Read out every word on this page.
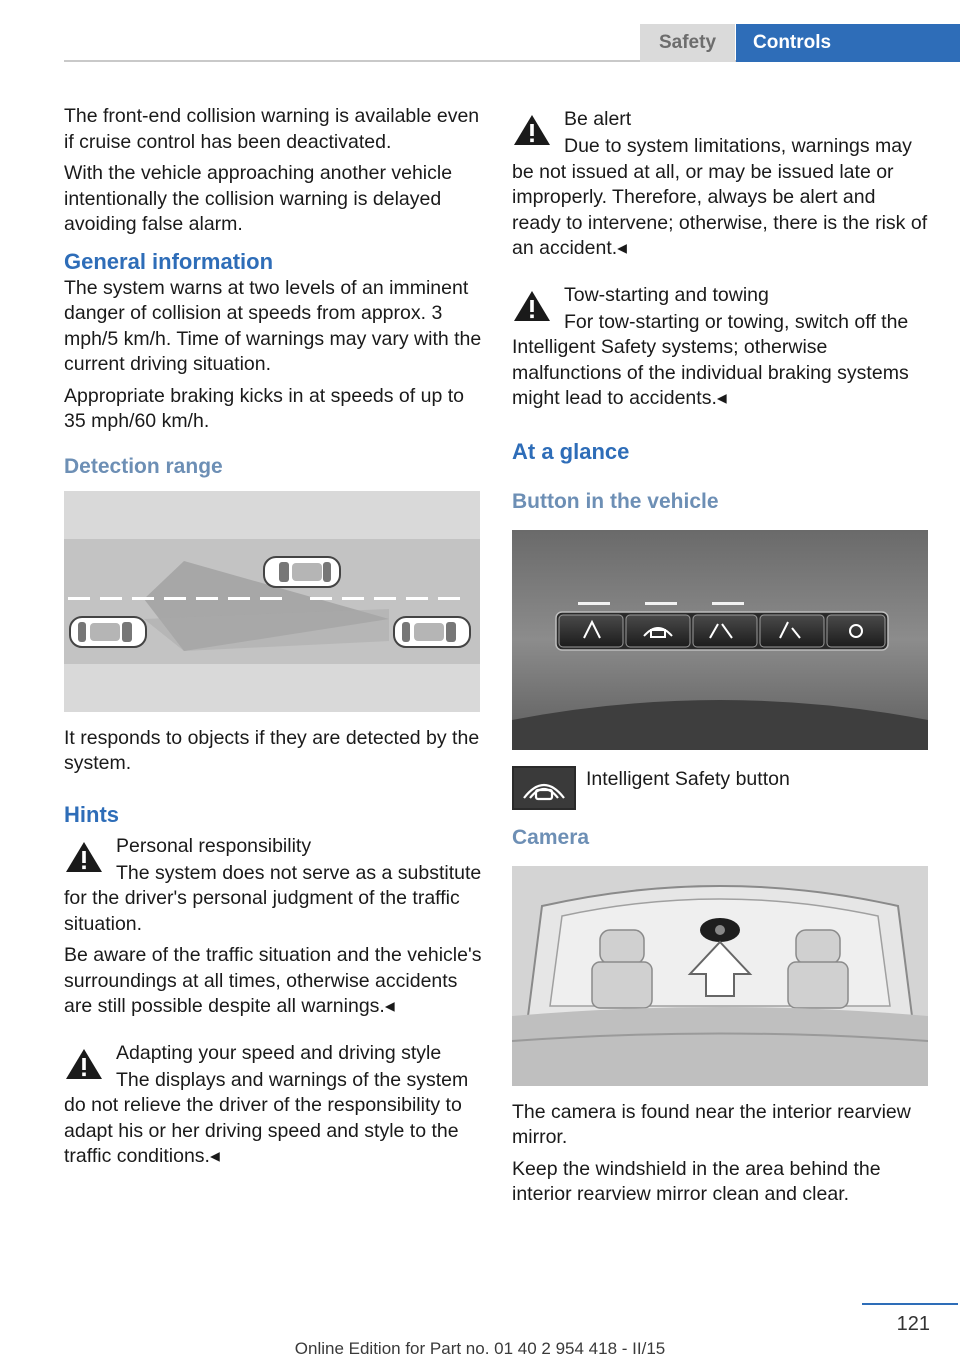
Safety	Controls

The front-end collision warning is available even if cruise control has been deactivated.

With the vehicle approaching another vehicle intentionally the collision warning is delayed avoiding false alarm.

General information

The system warns at two levels of an imminent danger of collision at speeds from approx. 3 mph/5 km/h. Time of warnings may vary with the current driving situation.

Appropriate braking kicks in at speeds of up to 35 mph/60 km/h.

Detection range

It responds to objects if they are detected by the system.

Hints
Personal responsibility
The system does not serve as a substitute for the driver's personal judgment of the traffic situation.
Be aware of the traffic situation and the vehicle's surroundings at all times, otherwise accidents are still possible despite all warnings.◂
Adapting your speed and driving style
The displays and warnings of the system do not relieve the driver of the responsibility to adapt his or her driving speed and style to the traffic conditions.◂
Be alert
Due to system limitations, warnings may be not issued at all, or may be issued late or improperly. Therefore, always be alert and ready to intervene; otherwise, there is the risk of an accident.◂
Tow-starting and towing
For tow-starting or towing, switch off the Intelligent Safety systems; otherwise malfunctions of the individual braking systems might lead to accidents.◂
At a glance
Button in the vehicle
Intelligent Safety button
Camera

The camera is found near the interior rearview mirror.

Keep the windshield in the area behind the interior rearview mirror clean and clear.

121
Online Edition for Part no. 01 40 2 954 418 - II/15
